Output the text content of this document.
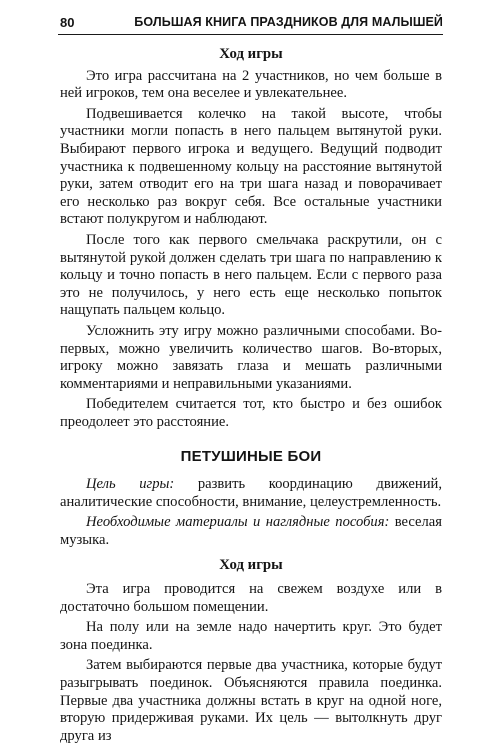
80	БОЛЬШАЯ КНИГА ПРАЗДНИКОВ ДЛЯ МАЛЫШЕЙ
Ход игры

Это игра рассчитана на 2 участников, но чем больше в ней игроков, тем она веселее и увлекательнее.

Подвешивается колечко на такой высоте, чтобы участники могли попасть в него пальцем вытянутой руки. Выбирают первого игрока и ведущего. Ведущий подводит участника к подвешенному кольцу на расстояние вытянутой руки, затем отводит его на три шага назад и поворачивает его несколько раз вокруг себя. Все остальные участники встают полукругом и наблюдают.

После того как первого смельчака раскрутили, он с вытянутой рукой должен сделать три шага по направлению к кольцу и точно попасть в него пальцем. Если с первого раза это не получилось, у него есть еще несколько попыток нащупать пальцем кольцо.

Усложнить эту игру можно различными способами. Во-первых, можно увеличить количество шагов. Во-вторых, игроку можно завязать глаза и мешать различными комментариями и неправильными указаниями.

Победителем считается тот, кто быстро и без ошибок преодолеет это расстояние.

ПЕТУШИНЫЕ БОИ

Цель игры: развить координацию движений, аналитические способности, внимание, целеустремленность.

Необходимые материалы и наглядные пособия: веселая музыка.

Ход игры

Эта игра проводится на свежем воздухе или в достаточно большом помещении.

На полу или на земле надо начертить круг. Это будет зона поединка.

Затем выбираются первые два участника, которые будут разыгрывать поединок. Объясняются правила поединка. Первые два участника должны встать в круг на одной ноге, вторую придерживая руками. Их цель — вытолкнуть друг друга из
